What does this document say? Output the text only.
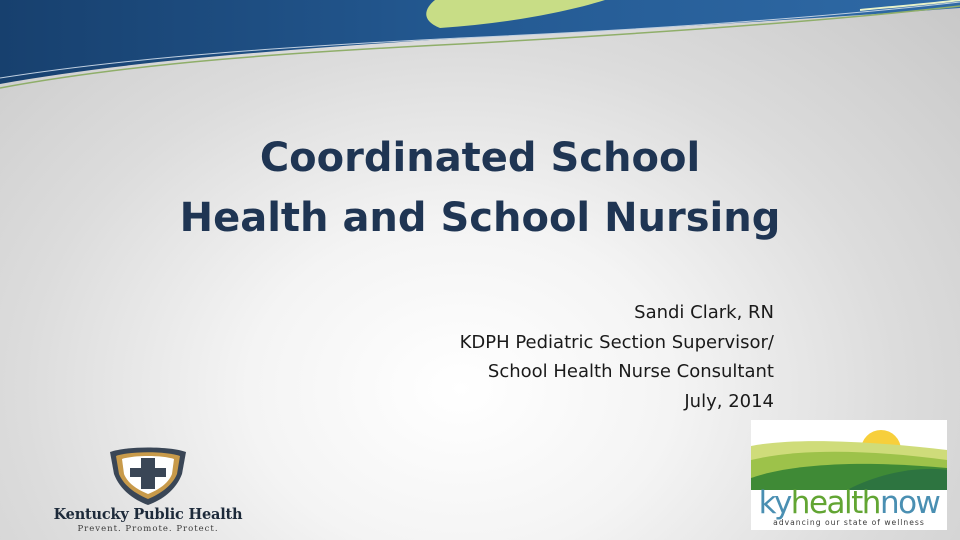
Coordinated School
Health and School Nursing
Sandi Clark, RN
KDPH Pediatric Section Supervisor/
School Health Nurse Consultant
July, 2014
Kentucky Public Health
Prevent. Promote. Protect.
kyhealthnow
advancing our state of wellness
